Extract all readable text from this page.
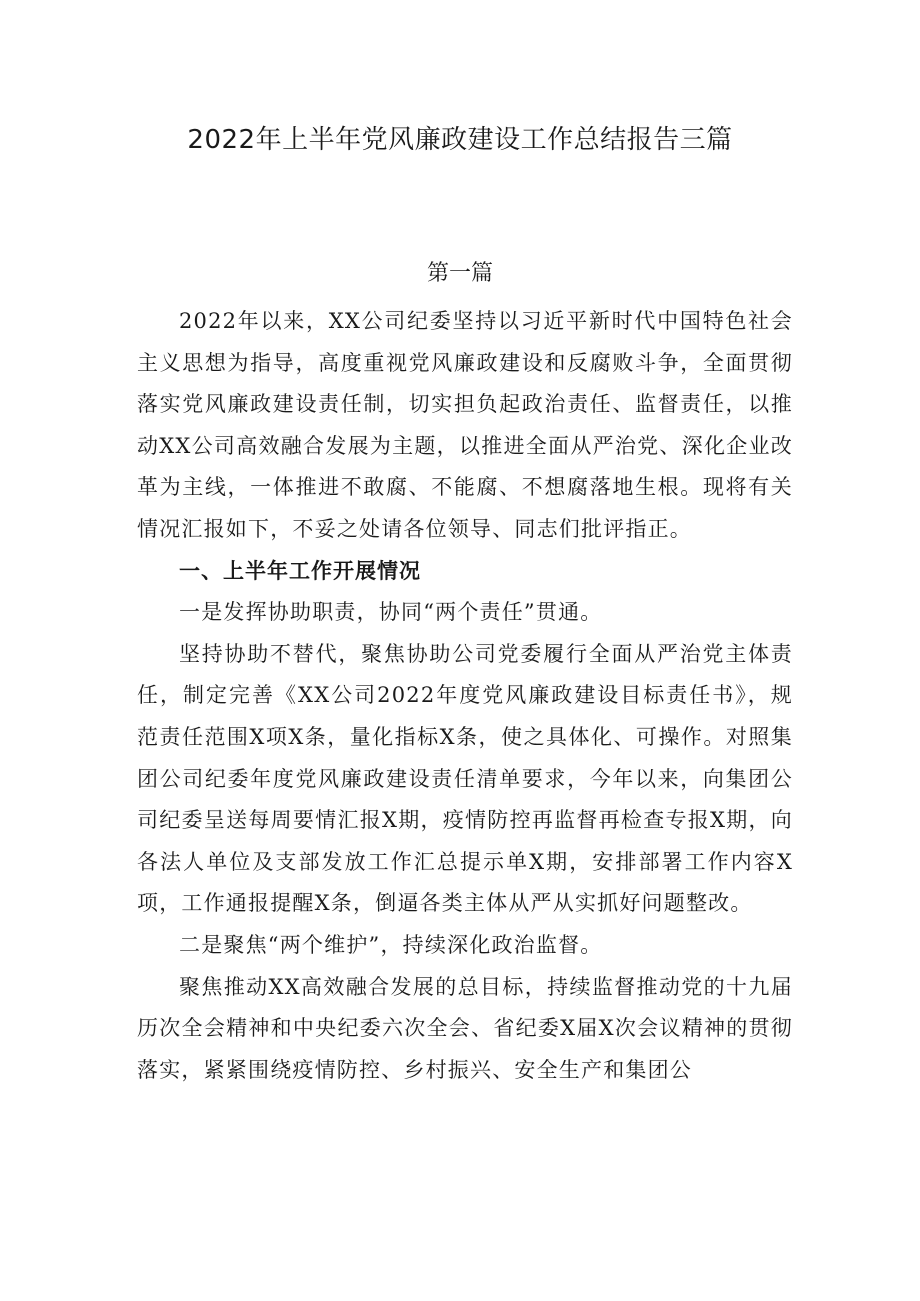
2022年上半年党风廉政建设工作总结报告三篇
第一篇

2022年以来，XX公司纪委坚持以习近平新时代中国特色社会主义思想为指导，高度重视党风廉政建设和反腐败斗争，全面贯彻落实党风廉政建设责任制，切实担负起政治责任、监督责任，以推动XX公司高效融合发展为主题，以推进全面从严治党、深化企业改革为主线，一体推进不敢腐、不能腐、不想腐落地生根。现将有关情况汇报如下，不妥之处请各位领导、同志们批评指正。

一、上半年工作开展情况

一是发挥协助职责，协同“两个责任”贯通。

坚持协助不替代，聚焦协助公司党委履行全面从严治党主体责任，制定完善《XX公司2022年度党风廉政建设目标责任书》，规范责任范围X项X条，量化指标X条，使之具体化、可操作。对照集团公司纪委年度党风廉政建设责任清单要求，今年以来，向集团公司纪委呈送每周要情汇报X期，疫情防控再监督再检查专报X期，向各法人单位及支部发放工作汇总提示单X期，安排部署工作内容X项，工作通报提醒X条，倒逼各类主体从严从实抓好问题整改。

二是聚焦“两个维护”，持续深化政治监督。

聚焦推动XX高效融合发展的总目标，持续监督推动党的十九届历次全会精神和中央纪委六次全会、省纪委X届X次会议精神的贯彻落实，紧紧围绕疫情防控、乡村振兴、安全生产和集团公
